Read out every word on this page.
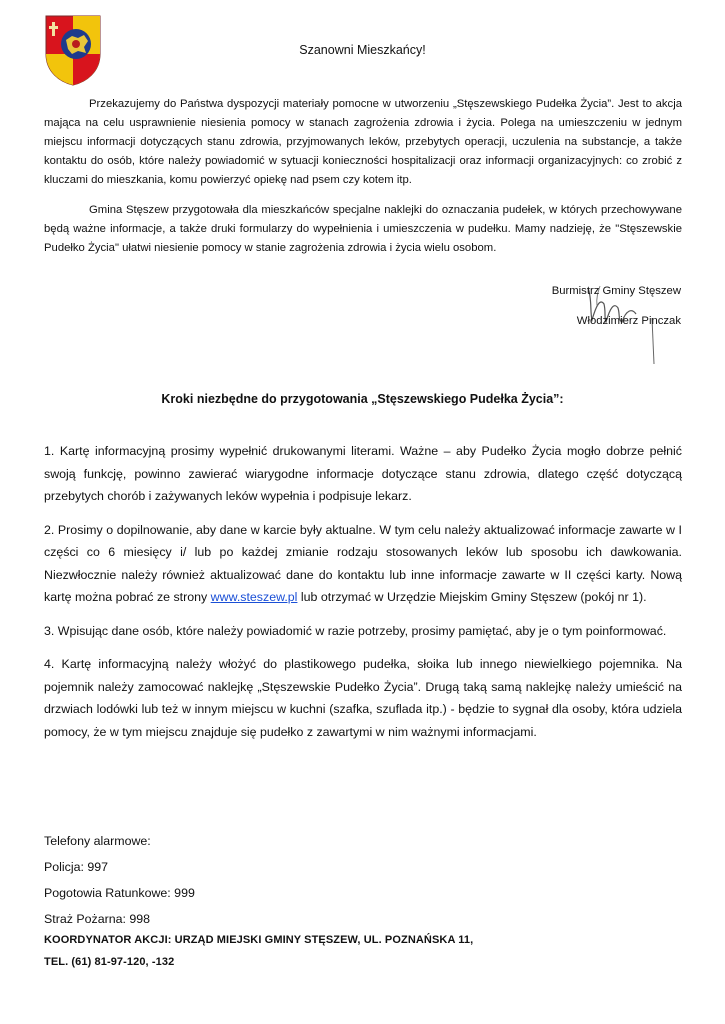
Szanowni Mieszkańcy!

Przekazujemy do Państwa dyspozycji materiały pomocne w utworzeniu „Stęszewskiego Pudełka Życia”. Jest to akcja mająca na celu usprawnienie niesienia pomocy w stanach zagrożenia zdrowia i życia. Polega na umieszczeniu w jednym miejscu informacji dotyczących stanu zdrowia, przyjmowanych leków, przebytych operacji, uczulenia na substancje, a także kontaktu do osób, które należy powiadomić w sytuacji konieczności hospitalizacji oraz informacji organizacyjnych: co zrobić z kluczami do mieszkania, komu powierzyć opiekę nad psem czy kotem itp.

Gmina Stęszew przygotowała dla mieszkańców specjalne naklejki do oznaczania pudełek, w których przechowywane będą ważne informacje, a także druki formularzy do wypełnienia i umieszczenia w pudełku. Mamy nadzieję, że "Stęszewskie Pudełko Życia" ułatwi niesienie pomocy w stanie zagrożenia zdrowia i życia wielu osobom.

Burmistrz Gminy Stęszew
Włodzimierz Pinczak
Kroki niezbędne do przygotowania „Stęszewskiego Pudełka Życia”:

1. Kartę informacyjną prosimy wypełnić drukowanymi literami. Ważne – aby Pudełko Życia mogło dobrze pełnić swoją funkcję, powinno zawierać wiarygodne informacje dotyczące stanu zdrowia, dlatego część dotyczącą przebytych chorób i zażywanych leków wypełnia i podpisuje lekarz.

2. Prosimy o dopilnowanie, aby dane w karcie były aktualne. W tym celu należy aktualizować informacje zawarte w I części co 6 miesięcy i/ lub po każdej zmianie rodzaju stosowanych leków lub sposobu ich dawkowania. Niezwłocznie należy również aktualizować dane do kontaktu lub inne informacje zawarte w II części karty. Nową kartę można pobrać ze strony www.steszew.pl lub otrzymać w Urzędzie Miejskim Gminy Stęszew (pokój nr 1).

3. Wpisując dane osób, które należy powiadomić w razie potrzeby, prosimy pamiętać, aby je o tym poinformować.

4. Kartę informacyjną należy włożyć do plastikowego pudełka, słoika lub innego niewielkiego pojemnika. Na pojemnik należy zamocować naklejkę „Stęszewskie Pudełko Życia”. Drugą taką samą naklejkę należy umieścić na drzwiach lodówki lub też w innym miejscu w kuchni (szafka, szuflada itp.) - będzie to sygnał dla osoby, która udziela pomocy, że w tym miejscu znajduje się pudełko z zawartymi w nim ważnymi informacjami.

Telefony alarmowe:
Policja: 997
Pogotowia Ratunkowe: 999
Straż Pożarna: 998
KOORDYNATOR AKCJI: URZĄD MIEJSKI GMINY STĘSZEW, UL. POZNAŃSKA 11,
TEL. (61) 81-97-120, -132
